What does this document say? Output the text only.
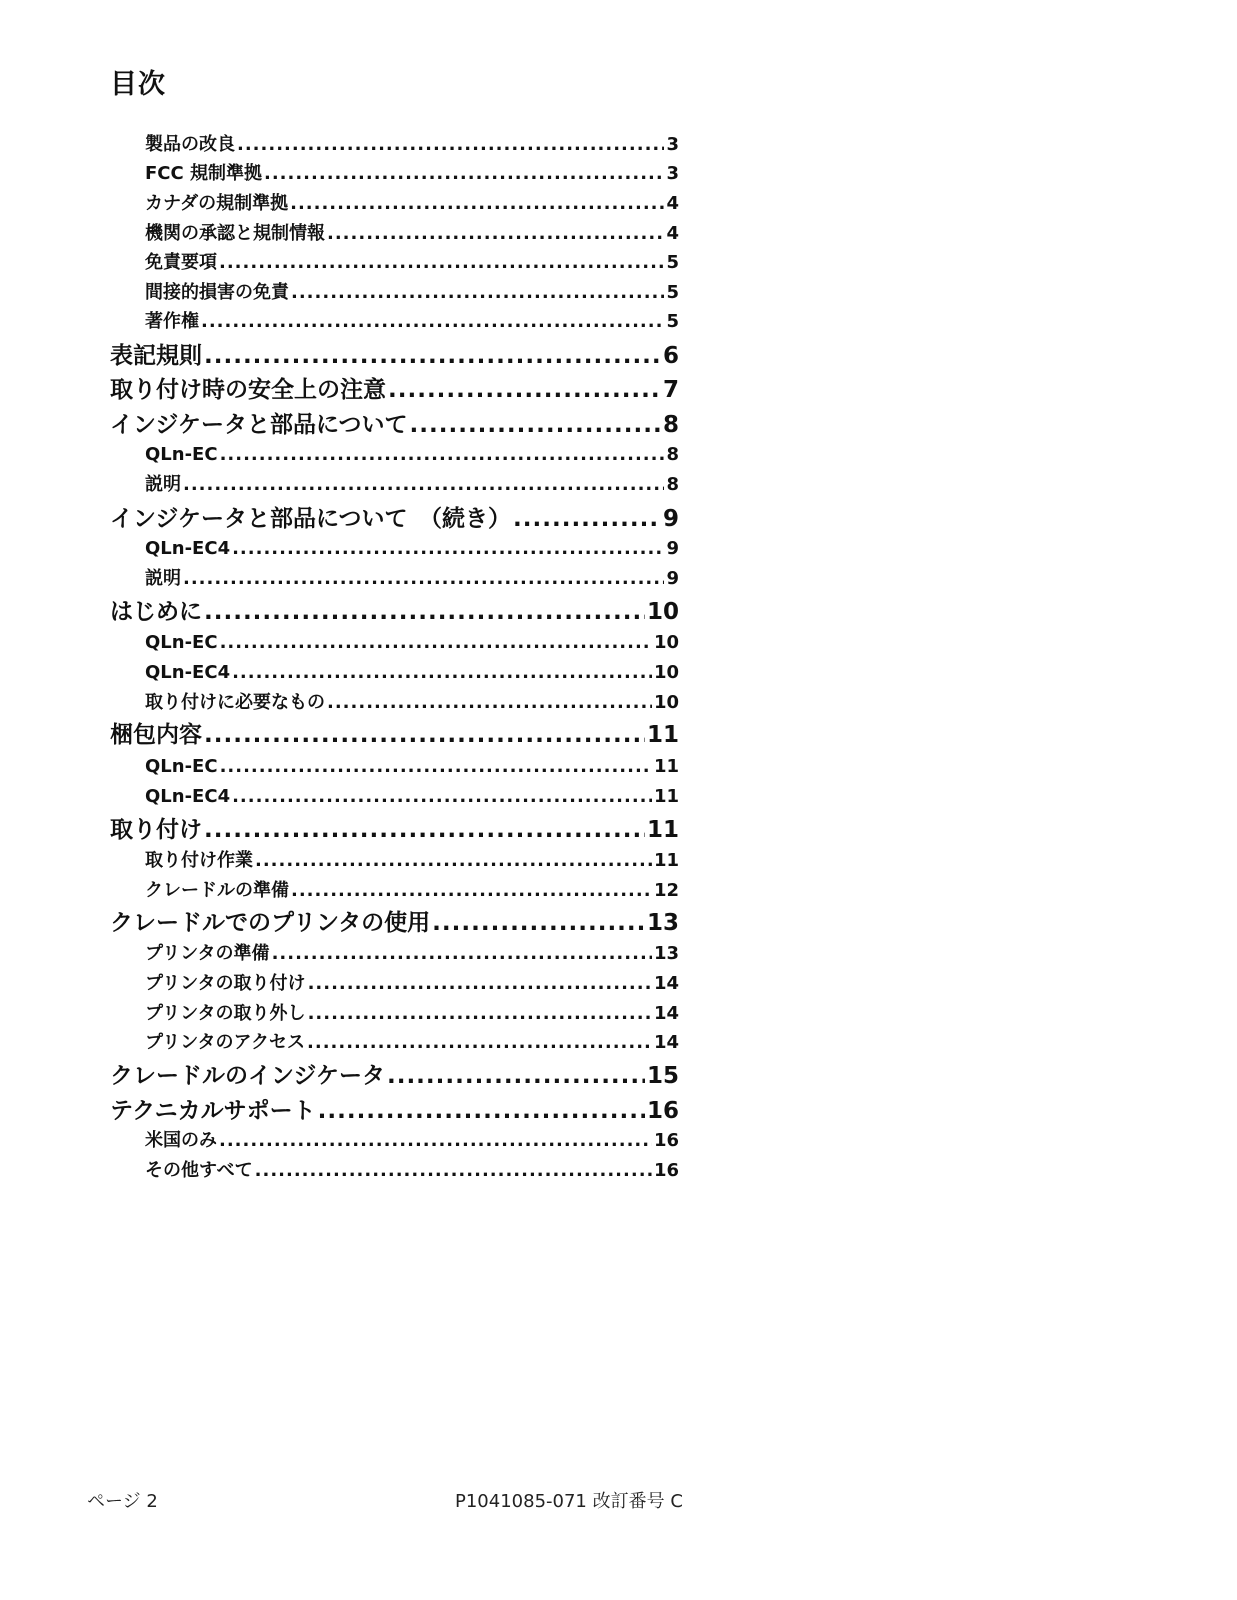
目次
製品の改良 .....	3
FCC 規制準拠 .....	3
カナダの規制準拠 .....	4
機関の承認と規制情報 .....	4
免責要項 .....	5
間接的損害の免責 .....	5
著作権 .....	5
表記規則 .....	6
取り付け時の安全上の注意 .....	7
インジケータと部品について .....	8
QLn-EC .....	8
説明 .....	8
インジケータと部品について　（続き） .....	9
QLn-EC4 .....	9
説明 .....	9
はじめに .....	10
QLn-EC .....	10
QLn-EC4 .....	10
取り付けに必要なもの .....	10
梱包内容 .....	11
QLn-EC .....	11
QLn-EC4 .....	11
取り付け .....	11
取り付け作業 .....	11
クレードルの準備 .....	12
クレードルでのプリンタの使用 .....	13
プリンタの準備 .....	13
プリンタの取り付け .....	14
プリンタの取り外し .....	14
プリンタのアクセス .....	14
クレードルのインジケータ .....	15
テクニカルサポート .....	16
米国のみ .....	16
その他すべて .....	16
ページ 2	P1041085-071 改訂番号 C
